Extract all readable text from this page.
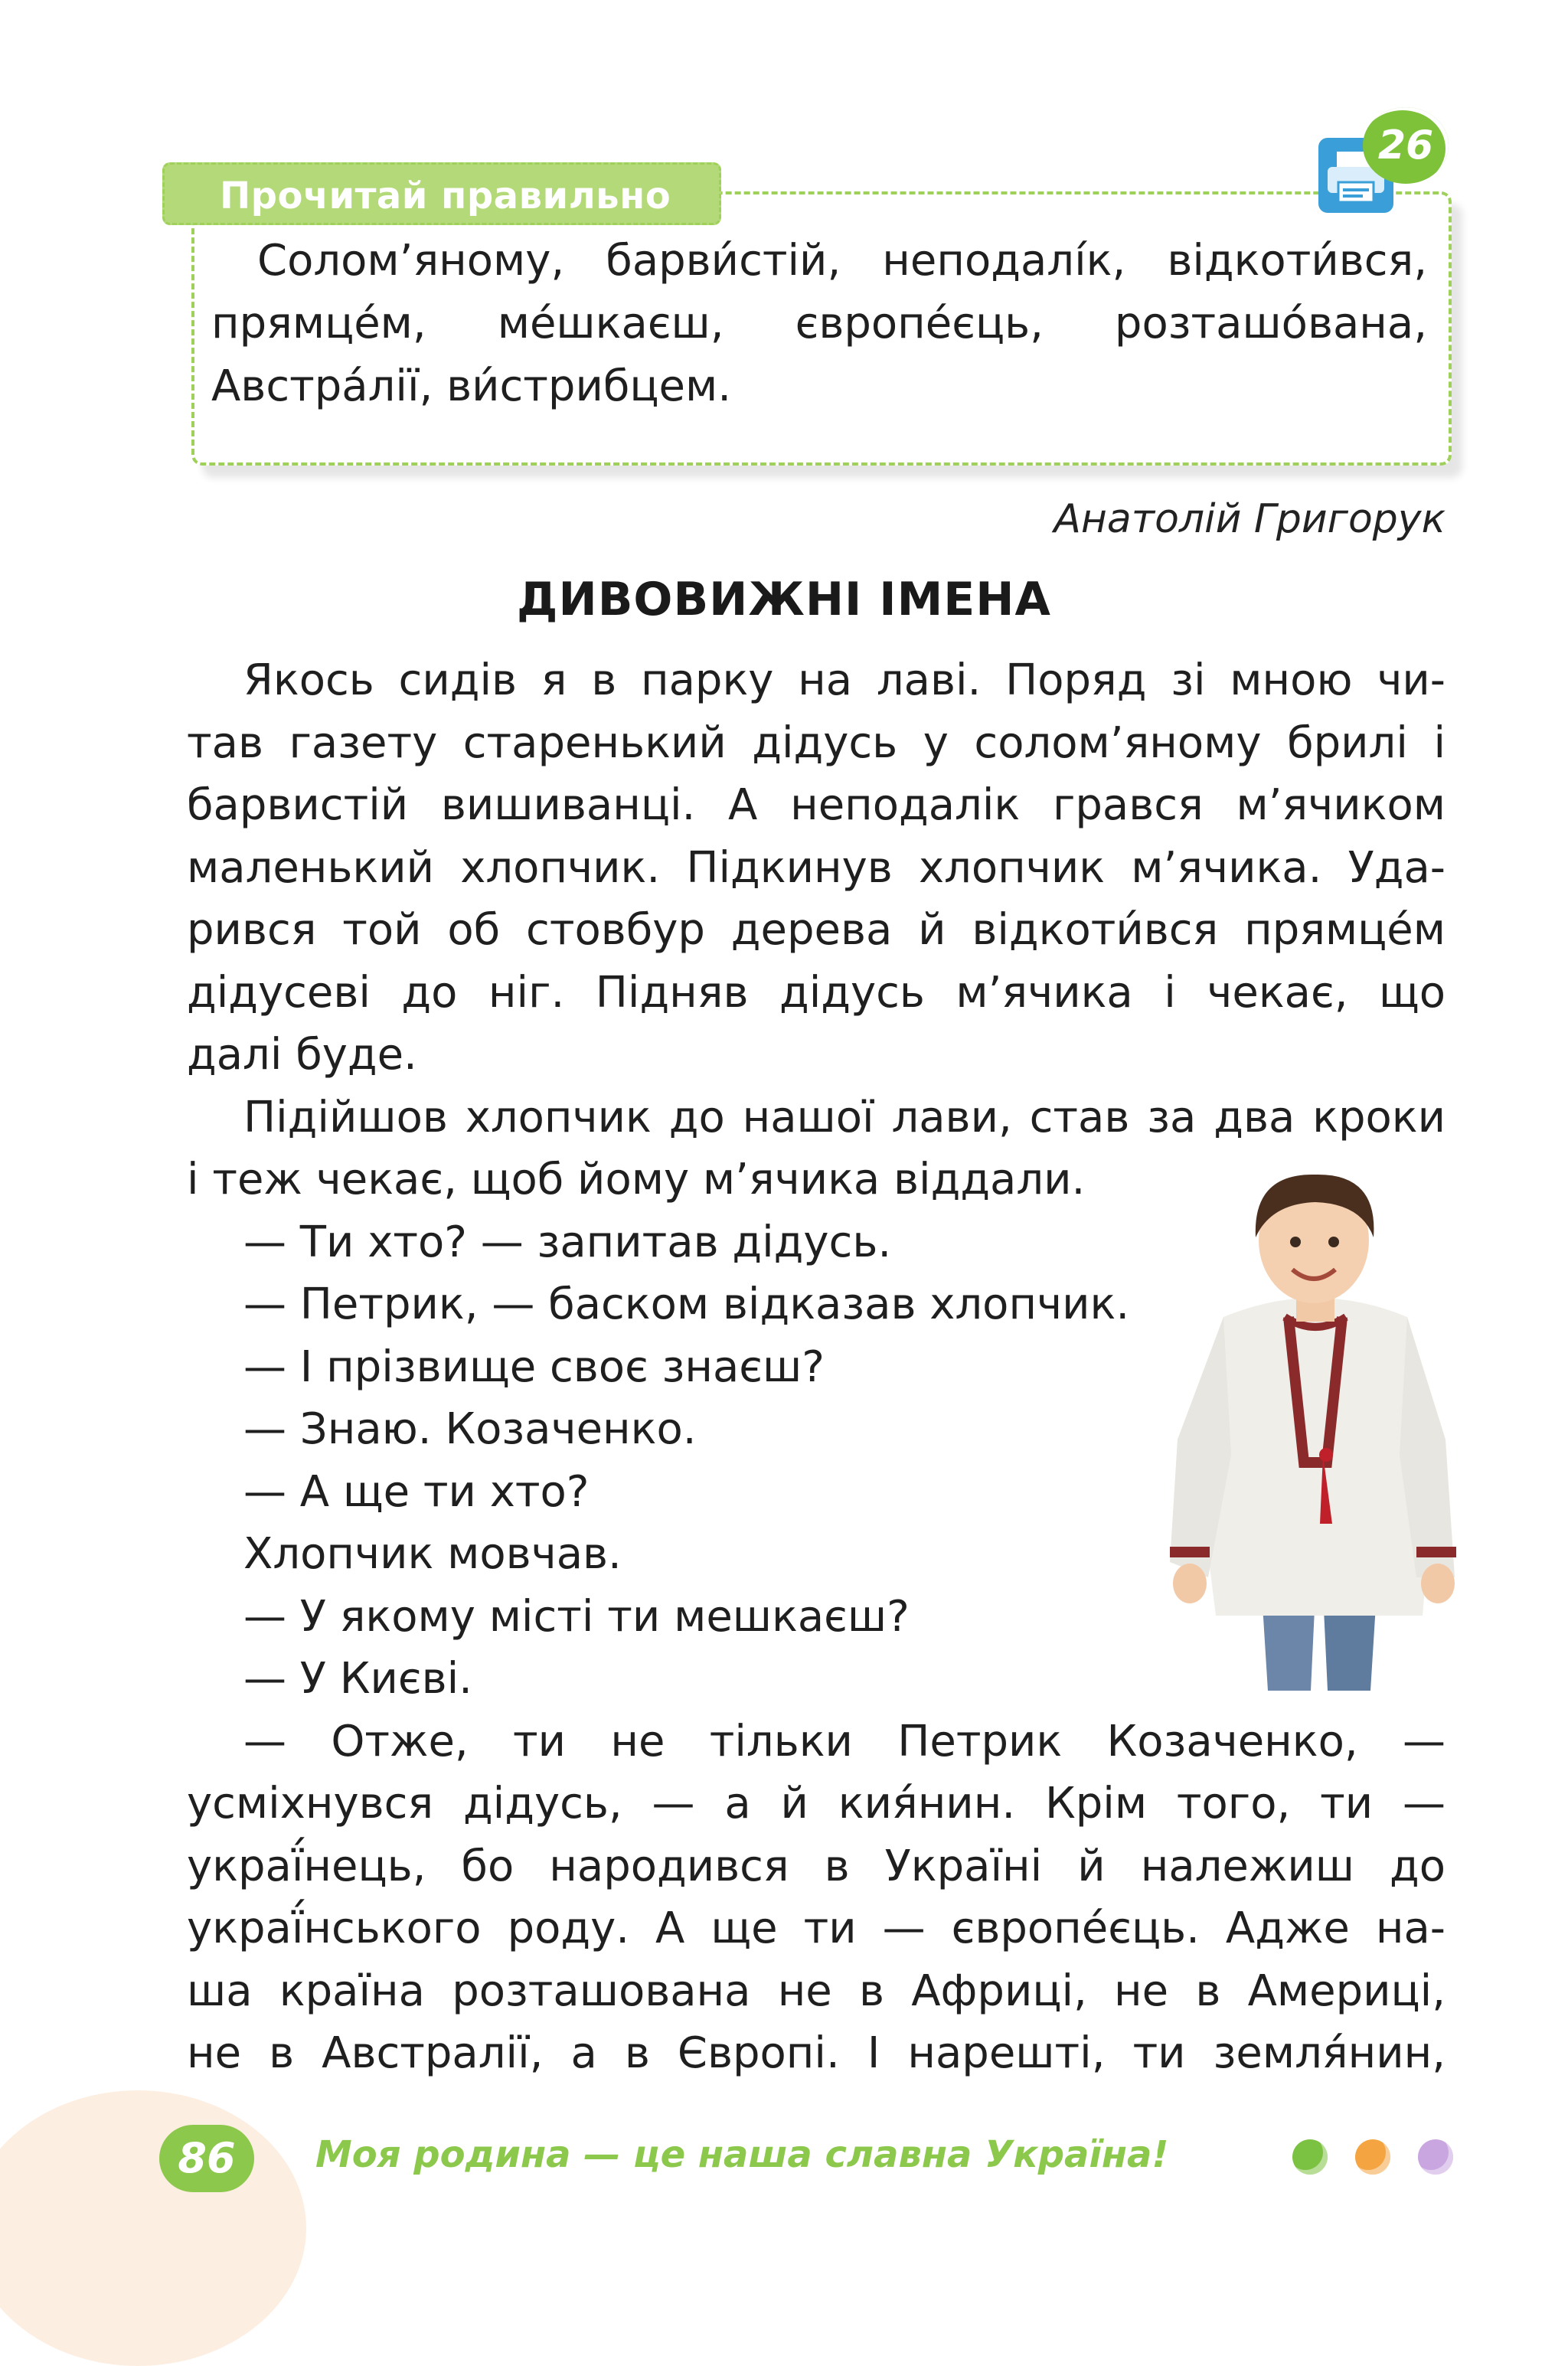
Прочитай правильно
26
Солом’яному, барви́стій, неподалі́к, відкоти́вся,
прямце́м, ме́шкаєш, європе́єць, розташо́вана,
Австра́лії, ви́стрибцем.
Анатолій Григорук
ДИВОВИЖНІ ІМЕНА
Якось сидів я в парку на лаві. Поряд зі мною чи-
тав газету старенький дідусь у солом’яному брилі і
барвистій вишиванці. А неподалік грався м’ячиком
маленький хлопчик. Підкинув хлопчик м’ячика. Уда-
рився той об стовбур дерева й відкоти́вся прямце́м
дідусеві до ніг. Підняв дідусь м’ячика і чекає, що
далі буде.
Підійшов хлопчик до нашої лави, став за два кроки
і теж чекає, щоб йому м’ячика віддали.
— Ти хто? — запитав дідусь.
— Петрик, — баском відказав хлопчик.
— І прізвище своє знаєш?
— Знаю. Козаченко.
— А ще ти хто?
Хлопчик мовчав.
— У якому місті ти мешкаєш?
— У Києві.
— Отже, ти не тільки Петрик Козаченко, —
усміхнувся дідусь, — а й кия́нин. Крім того, ти —
украї́нець, бо народився в Україні й належиш до
украї́нського роду. А ще ти — європе́єць. Адже на-
ша країна розташована не в Африці, не в Америці,
не в Австралії, а в Європі. І нарешті, ти земля́нин,
86	Моя родина — це наша славна Україна!
